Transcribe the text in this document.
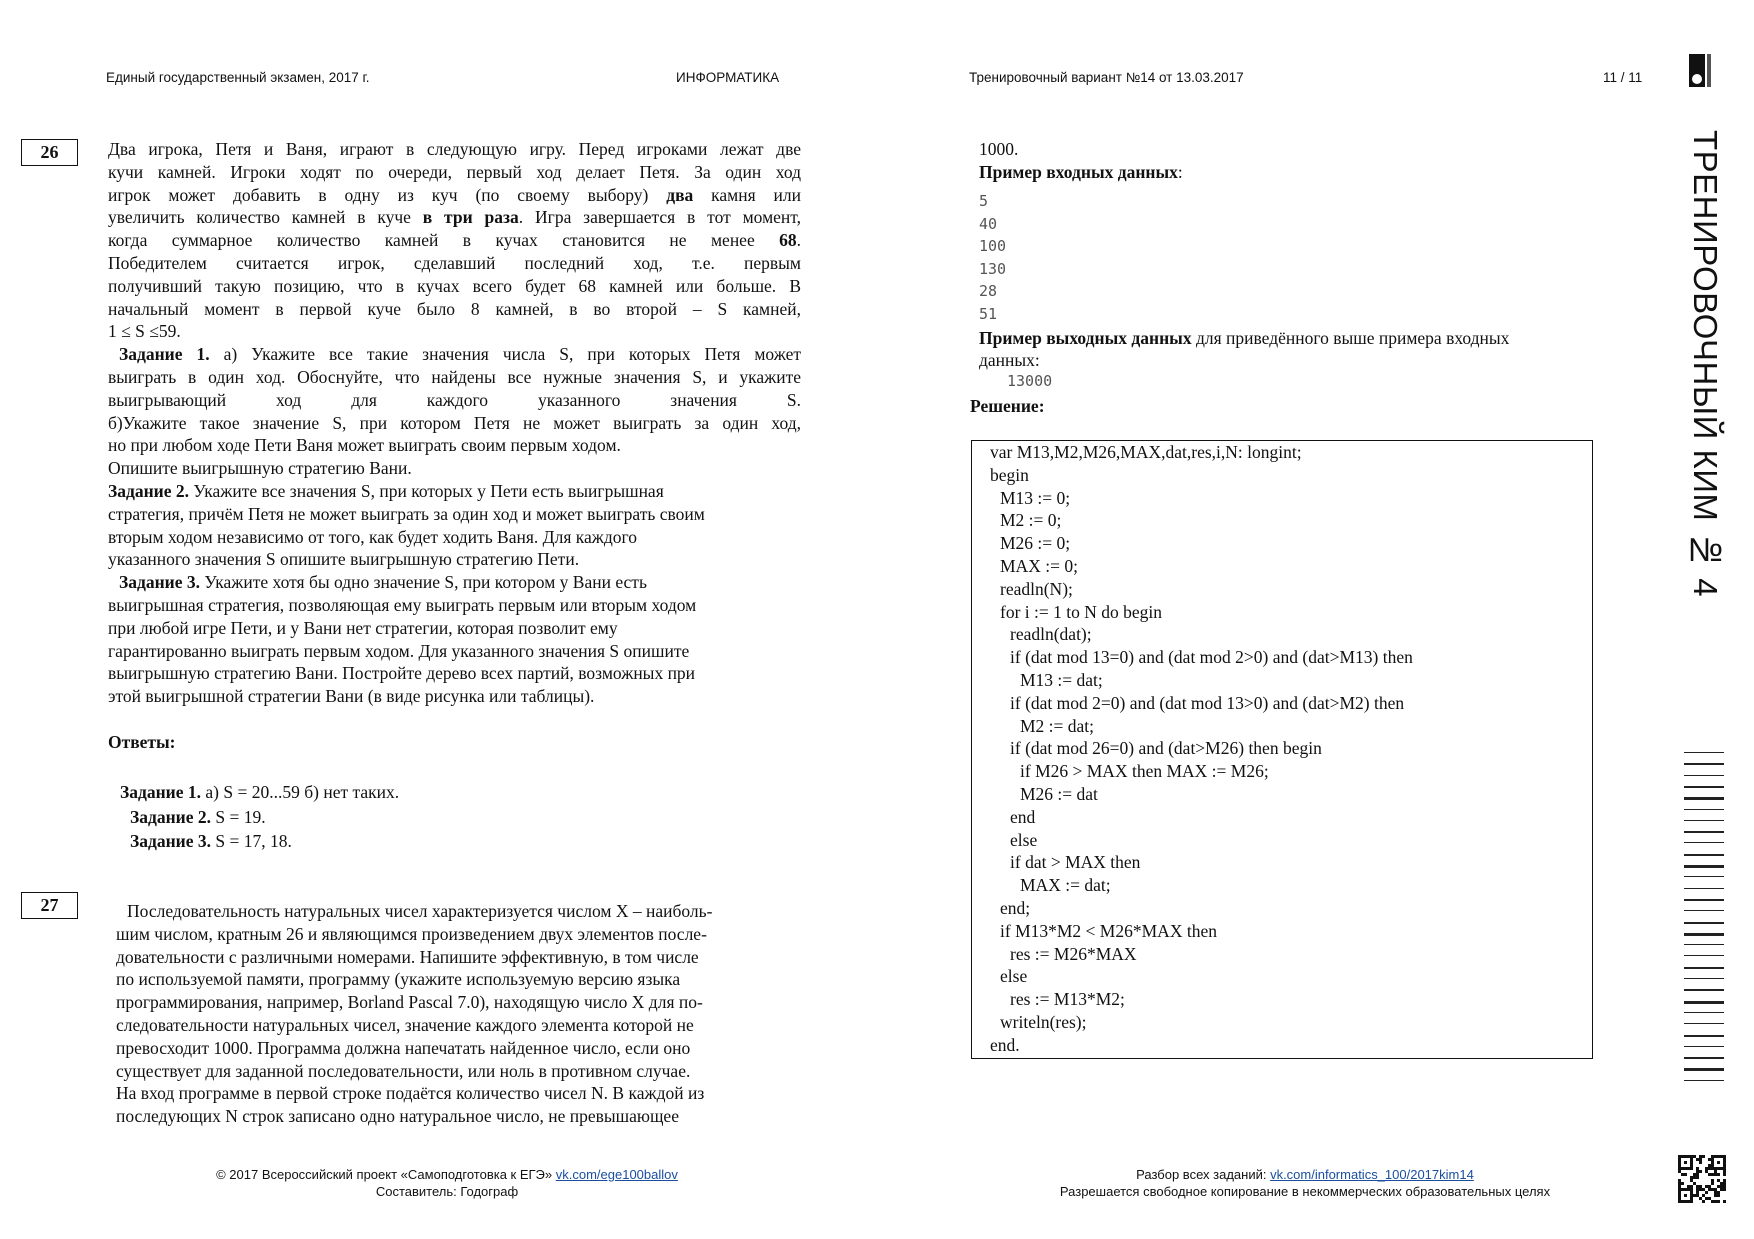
Единый государственный экзамен, 2017 г.	ИНФОРМАТИКА	Тренировочный вариант №14 от 13.03.2017	11 / 11
ТРЕНИРОВОЧНЫЙ КИМ № 4
26	Два игрока, Петя и Ваня, играют в следующую игру. Перед игроками лежат две
кучи камней. Игроки ходят по очереди, первый ход делает Петя. За один ход
игрок может добавить в одну из куч (по своему выбору) два камня или
увеличить количество камней в куче в три раза. Игра завершается в тот момент,
когда суммарное количество камней в кучах становится не менее 68.
Победителем считается игрок, сделавший последний ход, т.е. первым
получивший такую позицию, что в кучах всего будет 68 камней или больше. В
начальный момент в первой куче было 8 камней, в во второй – S камней,
1 ≤ S ≤59.
Задание 1. а) Укажите все такие значения числа S, при которых Петя может
выиграть в один ход. Обоснуйте, что найдены все нужные значения S, и укажите
выигрывающий ход для каждого указанного значения S.
б)Укажите такое значение S, при котором Петя не может выиграть за один ход,
но при любом ходе Пети Ваня может выиграть своим первым ходом.
Опишите выигрышную стратегию Вани.
Задание 2. Укажите все значения S, при которых у Пети есть выигрышная
стратегия, причём Петя не может выиграть за один ход и может выиграть своим
вторым ходом независимо от того, как будет ходить Ваня. Для каждого
указанного значения S опишите выигрышную стратегию Пети.
Задание 3. Укажите хотя бы одно значение S, при котором у Вани есть
выигрышная стратегия, позволяющая ему выиграть первым или вторым ходом
при любой игре Пети, и у Вани нет стратегии, которая позволит ему
гарантированно выиграть первым ходом. Для указанного значения S опишите
выигрышную стратегию Вани. Постройте дерево всех партий, возможных при
этой выигрышной стратегии Вани (в виде рисунка или таблицы).
Ответы:
Задание 1. а) S = 20...59 б) нет таких.
Задание 2. S = 19.
Задание 3. S = 17, 18.
27	Последовательность натуральных чисел характеризуется числом X – наиболь-
шим числом, кратным 26 и являющимся произведением двух элементов после-
довательности с различными номерами. Напишите эффективную, в том числе
по используемой памяти, программу (укажите используемую версию языка
программирования, например, Borland Pascal 7.0), находящую число X для по-
следовательности натуральных чисел, значение каждого элемента которой не
превосходит 1000. Программа должна напечатать найденное число, если оно
существует для заданной последовательности, или ноль в противном случае.
На вход программе в первой строке подаётся количество чисел N. В каждой из
последующих N строк записано одно натуральное число, не превышающее
1000.
Пример входных данных:
5
40
100
130
28
51
Пример выходных данных для приведённого выше примера входных
данных:
13000
Решение:
var M13,M2,M26,MAX,dat,res,i,N: longint;
begin
M13 := 0;
M2 := 0;
M26 := 0;
MAX := 0;
readln(N);
for i := 1 to N do begin
readln(dat);
if (dat mod 13=0) and (dat mod 2>0) and (dat>M13) then
M13 := dat;
if (dat mod 2=0) and (dat mod 13>0) and (dat>M2) then
M2 := dat;
if (dat mod 26=0) and (dat>M26) then begin
if M26 > MAX then MAX := M26;
M26 := dat
end
else
if dat > MAX then
MAX := dat;
end;
if M13*M2 < M26*MAX then
res := M26*MAX
else
res := M13*M2;
writeln(res);
end.
© 2017 Всероссийский проект «Самоподготовка к ЕГЭ» vk.com/ege100ballov
Составитель: Годограф
Разбор всех заданий: vk.com/informatics_100/2017kim14
Разрешается свободное копирование в некоммерческих образовательных целях
